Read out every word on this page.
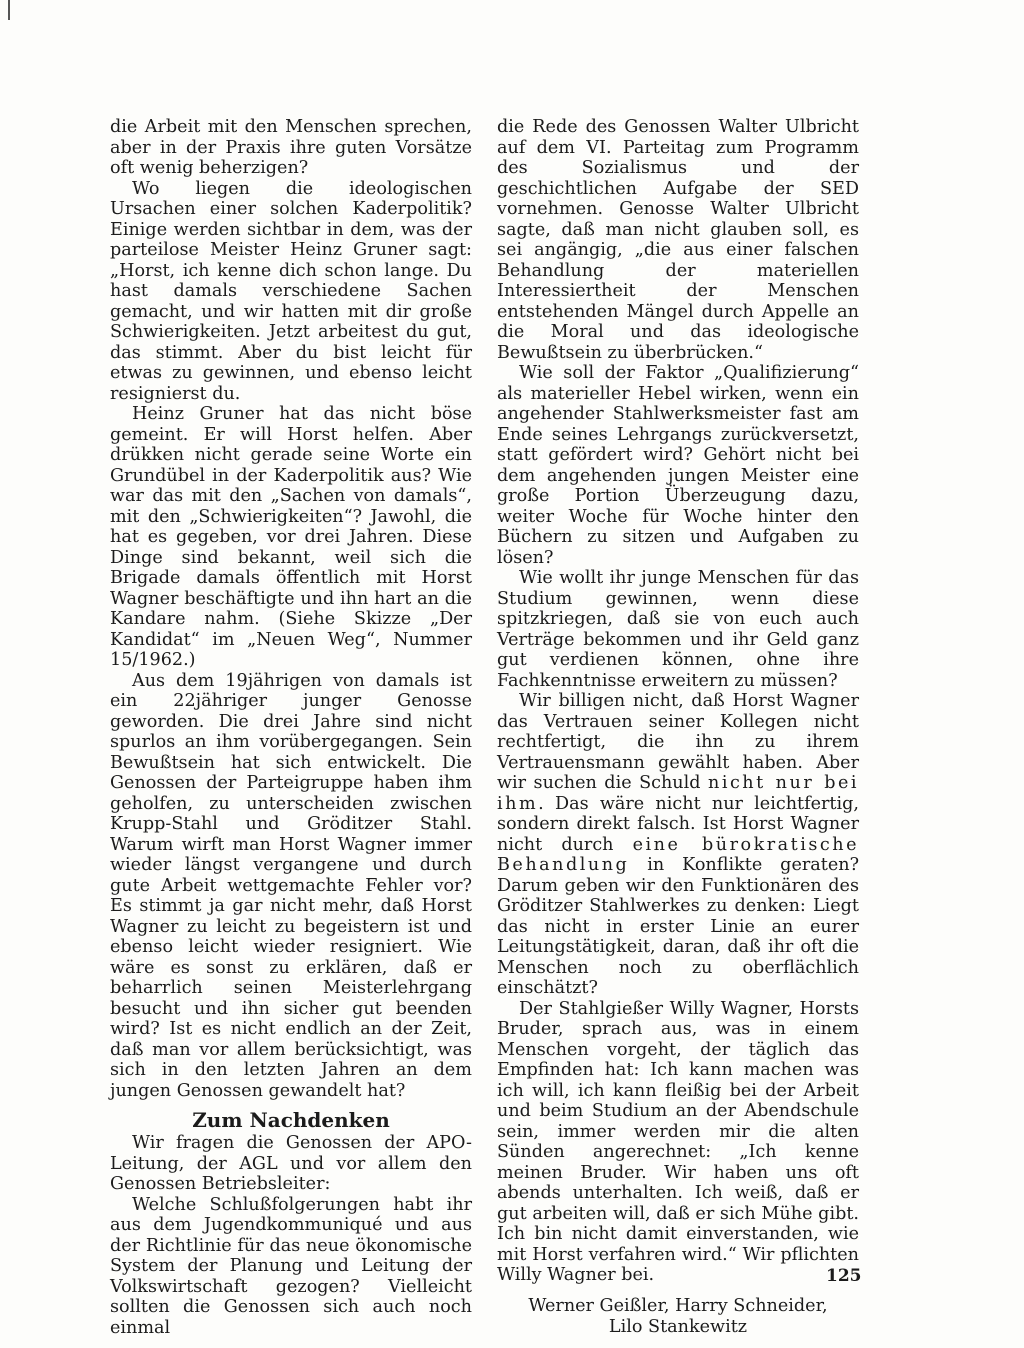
die Arbeit mit den Menschen sprechen, aber in der Praxis ihre guten Vorsätze oft wenig beherzigen?

Wo liegen die ideologischen Ursachen einer solchen Kaderpolitik? Einige werden sichtbar in dem, was der parteilose Meister Heinz Gruner sagt: „Horst, ich kenne dich schon lange. Du hast damals verschiedene Sachen gemacht, und wir hatten mit dir große Schwierigkeiten. Jetzt arbeitest du gut, das stimmt. Aber du bist leicht für etwas zu gewinnen, und ebenso leicht resignierst du.

Heinz Gruner hat das nicht böse gemeint. Er will Horst helfen. Aber drükken nicht gerade seine Worte ein Grundübel in der Kaderpolitik aus? Wie war das mit den „Sachen von damals“, mit den „Schwierigkeiten“? Jawohl, die hat es gegeben, vor drei Jahren. Diese Dinge sind bekannt, weil sich die Brigade damals öffentlich mit Horst Wagner beschäftigte und ihn hart an die Kandare nahm. (Siehe Skizze „Der Kandidat“ im „Neuen Weg“, Nummer 15/1962.)

Aus dem 19jährigen von damals ist ein 22jähriger junger Genosse geworden. Die drei Jahre sind nicht spurlos an ihm vorübergegangen. Sein Bewußtsein hat sich entwickelt. Die Genossen der Parteigruppe haben ihm geholfen, zu unterscheiden zwischen Krupp-Stahl und Gröditzer Stahl. Warum wirft man Horst Wagner immer wieder längst vergangene und durch gute Arbeit wettgemachte Fehler vor? Es stimmt ja gar nicht mehr, daß Horst Wagner zu leicht zu begeistern ist und ebenso leicht wieder resigniert. Wie wäre es sonst zu erklären, daß er beharrlich seinen Meisterlehrgang besucht und ihn sicher gut beenden wird? Ist es nicht endlich an der Zeit, daß man vor allem berücksichtigt, was sich in den letzten Jahren an dem jungen Genossen gewandelt hat?

Zum Nachdenken

Wir fragen die Genossen der APO-Leitung, der AGL und vor allem den Genossen Betriebsleiter:

Welche Schlußfolgerungen habt ihr aus dem Jugendkommuniqué und aus der Richtlinie für das neue ökonomische System der Planung und Leitung der Volkswirtschaft gezogen? Vielleicht sollten die Genossen sich auch noch einmal

die Rede des Genossen Walter Ulbricht auf dem VI. Parteitag zum Programm des Sozialismus und der geschichtlichen Aufgabe der SED vornehmen. Genosse Walter Ulbricht sagte, daß man nicht glauben soll, es sei angängig, „die aus einer falschen Behandlung der materiellen Interessiertheit der Menschen entstehenden Mängel durch Appelle an die Moral und das ideologische Bewußtsein zu überbrücken.“

Wie soll der Faktor „Qualifizierung“ als materieller Hebel wirken, wenn ein angehender Stahlwerksmeister fast am Ende seines Lehrgangs zurückversetzt, statt gefördert wird? Gehört nicht bei dem angehenden jungen Meister eine große Portion Überzeugung dazu, weiter Woche für Woche hinter den Büchern zu sitzen und Aufgaben zu lösen?

Wie wollt ihr junge Menschen für das Studium gewinnen, wenn diese spitzkriegen, daß sie von euch auch Verträge bekommen und ihr Geld ganz gut verdienen können, ohne ihre Fachkenntnisse erweitern zu müssen?

Wir billigen nicht, daß Horst Wagner das Vertrauen seiner Kollegen nicht rechtfertigt, die ihn zu ihrem Vertrauensmann gewählt haben. Aber wir suchen die Schuld nicht nur bei ihm. Das wäre nicht nur leichtfertig, sondern direkt falsch. Ist Horst Wagner nicht durch eine bürokratische Behandlung in Konflikte geraten? Darum geben wir den Funktionären des Gröditzer Stahlwerkes zu denken: Liegt das nicht in erster Linie an eurer Leitungstätigkeit, daran, daß ihr oft die Menschen noch zu oberflächlich einschätzt?

Der Stahlgießer Willy Wagner, Horsts Bruder, sprach aus, was in einem Menschen vorgeht, der täglich das Empfinden hat: Ich kann machen was ich will, ich kann fleißig bei der Arbeit und beim Studium an der Abendschule sein, immer werden mir die alten Sünden angerechnet: „Ich kenne meinen Bruder. Wir haben uns oft abends unterhalten. Ich weiß, daß er gut arbeiten will, daß er sich Mühe gibt. Ich bin nicht damit einverstanden, wie mit Horst verfahren wird.“ Wir pflichten Willy Wagner bei.

Werner Geißler, Harry Schneider,
Lilo Stankewitz
125
